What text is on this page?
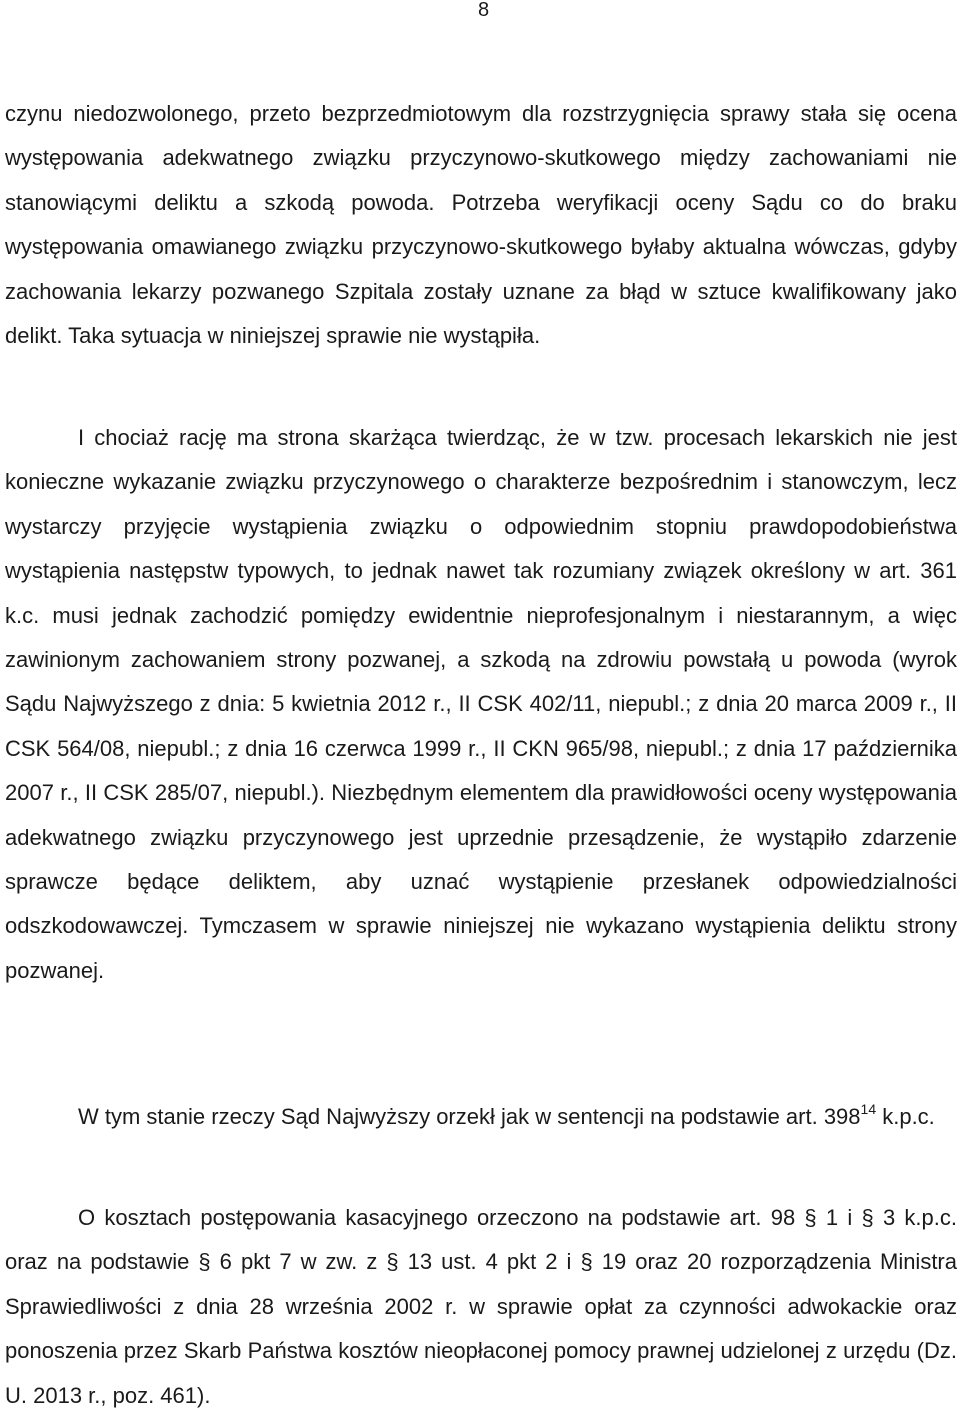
8

czynu niedozwolonego, przeto bezprzedmiotowym dla rozstrzygnięcia sprawy stała się ocena występowania adekwatnego związku przyczynowo-skutkowego między zachowaniami nie stanowiącymi deliktu a szkodą powoda. Potrzeba weryfikacji oceny Sądu co do braku występowania omawianego związku przyczynowo-skutkowego byłaby aktualna wówczas, gdyby zachowania lekarzy pozwanego Szpitala zostały uznane za błąd w sztuce kwalifikowany jako delikt. Taka sytuacja w niniejszej sprawie nie wystąpiła.

I chociaż rację ma strona skarżąca twierdząc, że w tzw. procesach lekarskich nie jest konieczne wykazanie związku przyczynowego o charakterze bezpośrednim i stanowczym, lecz wystarczy przyjęcie wystąpienia związku o odpowiednim stopniu prawdopodobieństwa wystąpienia następstw typowych, to jednak nawet tak rozumiany związek określony w art. 361 k.c. musi jednak zachodzić pomiędzy ewidentnie nieprofesjonalnym i niestarannym, a więc zawinionym zachowaniem strony pozwanej, a szkodą na zdrowiu powstałą u powoda (wyrok Sądu Najwyższego z dnia: 5 kwietnia 2012 r., II CSK 402/11, niepubl.; z dnia 20 marca 2009 r., II CSK 564/08, niepubl.; z dnia 16 czerwca 1999 r., II CKN 965/98, niepubl.; z dnia 17 października 2007 r., II CSK 285/07, niepubl.). Niezbędnym elementem dla prawidłowości oceny występowania adekwatnego związku przyczynowego jest uprzednie przesądzenie, że wystąpiło zdarzenie sprawcze będące deliktem, aby uznać wystąpienie przesłanek odpowiedzialności odszkodowawczej. Tymczasem w sprawie niniejszej nie wykazano wystąpienia deliktu strony pozwanej.

W tym stanie rzeczy Sąd Najwyższy orzekł jak w sentencji na podstawie art. $398^{14}$ k.p.c.

O kosztach postępowania kasacyjnego orzeczono na podstawie art. 98 § 1 i § 3 k.p.c. oraz na podstawie § 6 pkt 7 w zw. z § 13 ust. 4 pkt 2 i § 19 oraz 20 rozporządzenia Ministra Sprawiedliwości z dnia 28 września 2002 r. w sprawie opłat za czynności adwokackie oraz ponoszenia przez Skarb Państwa kosztów nieopłaconej pomocy prawnej udzielonej z urzędu (Dz. U. 2013 r., poz. 461).
